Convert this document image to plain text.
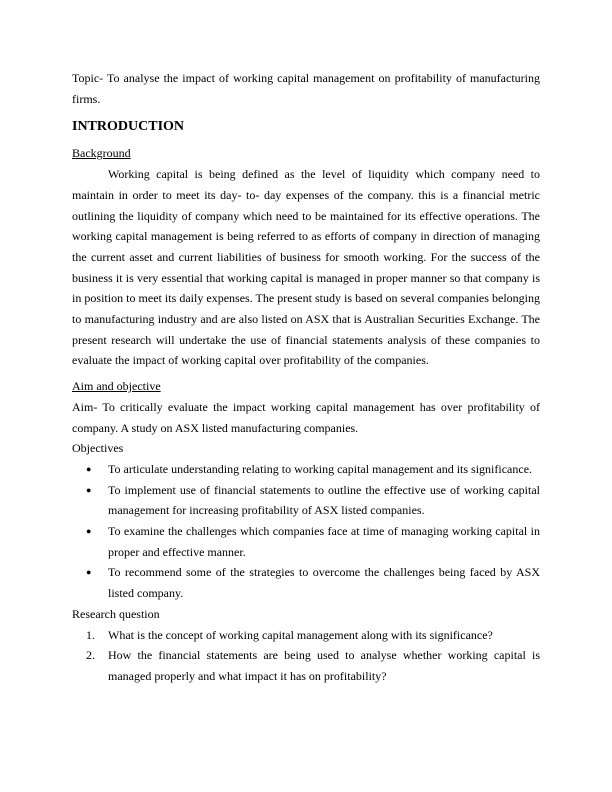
Topic- To analyse the impact of working capital management on profitability of manufacturing firms.

INTRODUCTION

Background

Working capital is being defined as the level of liquidity which company need to maintain in order to meet its day- to- day expenses of the company. this is a financial metric outlining the liquidity of company which need to be maintained for its effective operations. The working capital management is being referred to as efforts of company in direction of managing the current asset and current liabilities of business for smooth working. For the success of the business it is very essential that working capital is managed in proper manner so that company is in position to meet its daily expenses. The present study is based on several companies belonging to manufacturing industry and are also listed on ASX that is Australian Securities Exchange. The present research will undertake the use of financial statements analysis of these companies to evaluate the impact of working capital over profitability of the companies.

Aim and objective

Aim- To critically evaluate the impact working capital management has over profitability of company. A study on ASX listed manufacturing companies.

Objectives

● To articulate understanding relating to working capital management and its significance.
● To implement use of financial statements to outline the effective use of working capital management for increasing profitability of ASX listed companies.
● To examine the challenges which companies face at time of managing working capital in proper and effective manner.
● To recommend some of the strategies to overcome the challenges being faced by ASX listed company.

Research question

1. What is the concept of working capital management along with its significance?
2. How the financial statements are being used to analyse whether working capital is managed properly and what impact it has on profitability?
